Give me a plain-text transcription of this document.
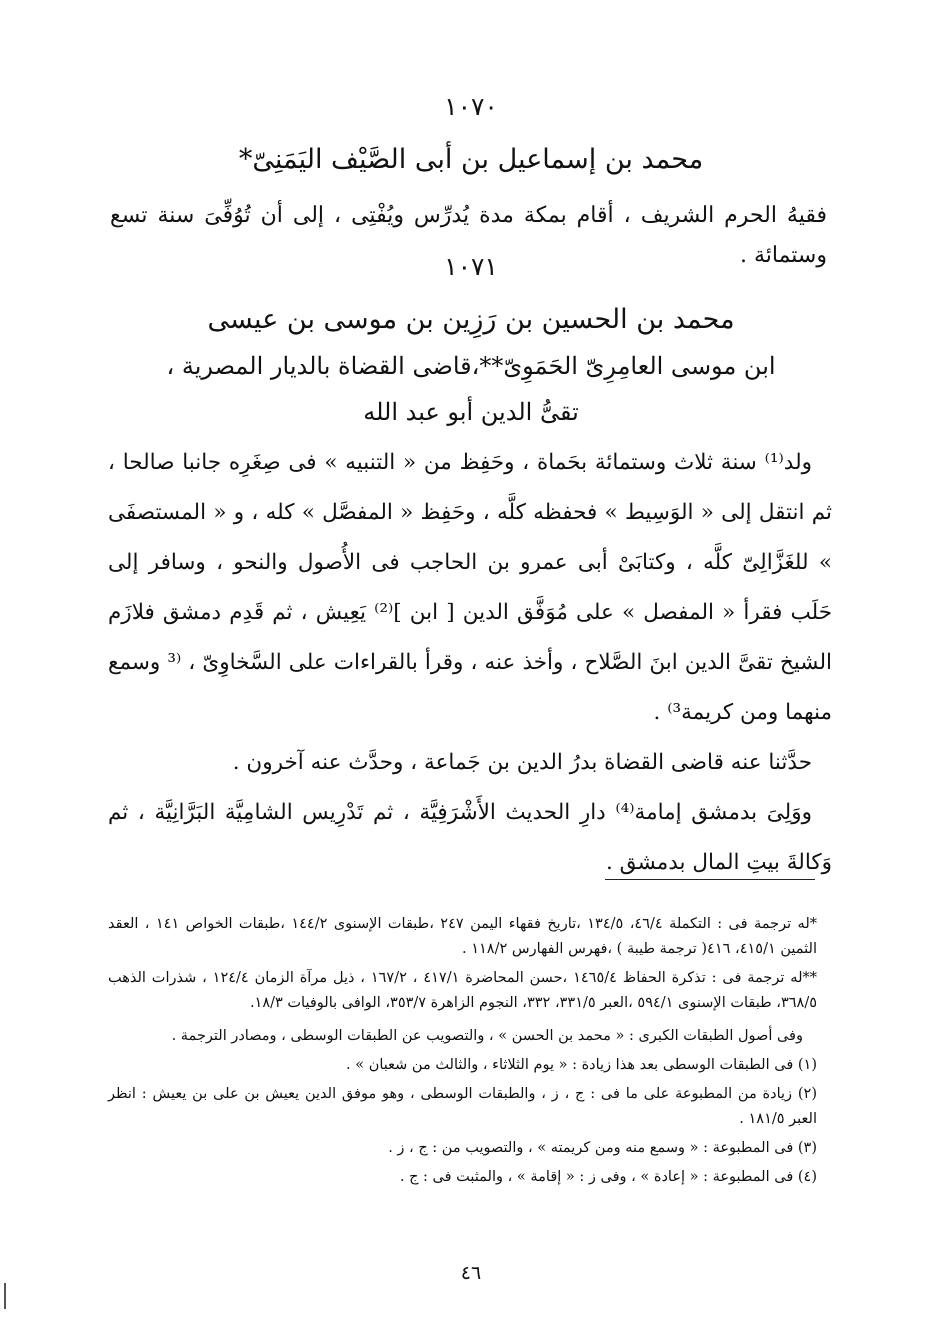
١٠٧٠
محمد بن إسماعيل بن أبى الصَّيْف اليَمَنِىّ*
فقيهُ الحرم الشريف ، أقام بمكة مدة يُدرِّس ويُفْتِى ، إلى أن تُوُفِّىَ سنة تسع وستمائة .
١٠٧١
محمد بن الحسين بن رَزِين بن موسى بن عيسى
ابن موسى العامِرِىّ الحَمَوِىّ**،قاضى القضاة بالديار المصرية ،
تقىُّ الدين أبو عبد الله

ولد⁽¹⁾ سنة ثلاث وستمائة بحَماة ، وحَفِظ من « التنبيه » فى صِغَرِه جانبا صالحا ، ثم انتقل إلى « الوَسِيط » فحفظه كلَّه ، وحَفِظ « المفصَّل » كله ، و « المستصفَى » للغَزَّالِىّ كلَّه ، وكتابَىْ أبى عمرو بن الحاجب فى الأُصول والنحو ، وسافر إلى حَلَب فقرأ « المفصل » على مُوَفَّق الدين [ ابن ]⁽²⁾ يَعِيش ، ثم قَدِم دمشق فلازَم الشيخ تقىَّ الدين ابنَ الصَّلاح ، وأخذ عنه ، وقرأ بالقراءات على السَّخاوِىّ ، ⁽³ وسمع منهما ومن كريمة³⁾ .

حدَّثنا عنه قاضى القضاة بدرُ الدين بن جَماعة ، وحدَّث عنه آخرون .

ووَلِىَ بدمشق إمامة⁽⁴⁾ دارِ الحديث الأَشْرَفِيَّة ، ثم تَدْرِيس الشامِيَّة البَرَّانِيَّة ، ثم وَكالةَ بيتِ المال بدمشق .

*له ترجمة فى : التكملة ٤٦/٤، ١٣٤/٥ ،تاريخ فقهاء اليمن ٢٤٧ ،طبقات الإسنوى ١٤٤/٢ ،طبقات الخواص ١٤١ ، العقد الثمين ٤١٥/١، ٤١٦( ترجمة طيبة ) ،فهرس الفهارس ١١٨/٢ .

**له ترجمة فى : تذكرة الحفاظ ١٤٦٥/٤ ،حسن المحاضرة ٤١٧/١ ، ١٦٧/٢ ، ذيل مرآة الزمان ١٢٤/٤ ، شذرات الذهب ٣٦٨/٥، طبقات الإسنوى ٥٩٤/١ ،العبر ٣٣١/٥، ٣٣٢، النجوم الزاهرة ٣٥٣/٧، الوافى بالوفيات ١٨/٣.

وفى أصول الطبقات الكبرى : « محمد بن الحسن » ، والتصويب عن الطبقات الوسطى ، ومصادر الترجمة .

(١) فى الطبقات الوسطى بعد هذا زيادة : « يوم الثلاثاء ، والثالث من شعبان » .

(٢) زيادة من المطبوعة على ما فى : ج ، ز ، والطبقات الوسطى ، وهو موفق الدين يعيش بن على بن يعيش : انظر العبر ١٨١/٥ .

(٣) فى المطبوعة : « وسمع منه ومن كريمته » ، والتصويب من : ج ، ز .

(٤) فى المطبوعة : « إعادة » ، وفى ز : « إقامة » ، والمثبت فى : ج .

٤٦
